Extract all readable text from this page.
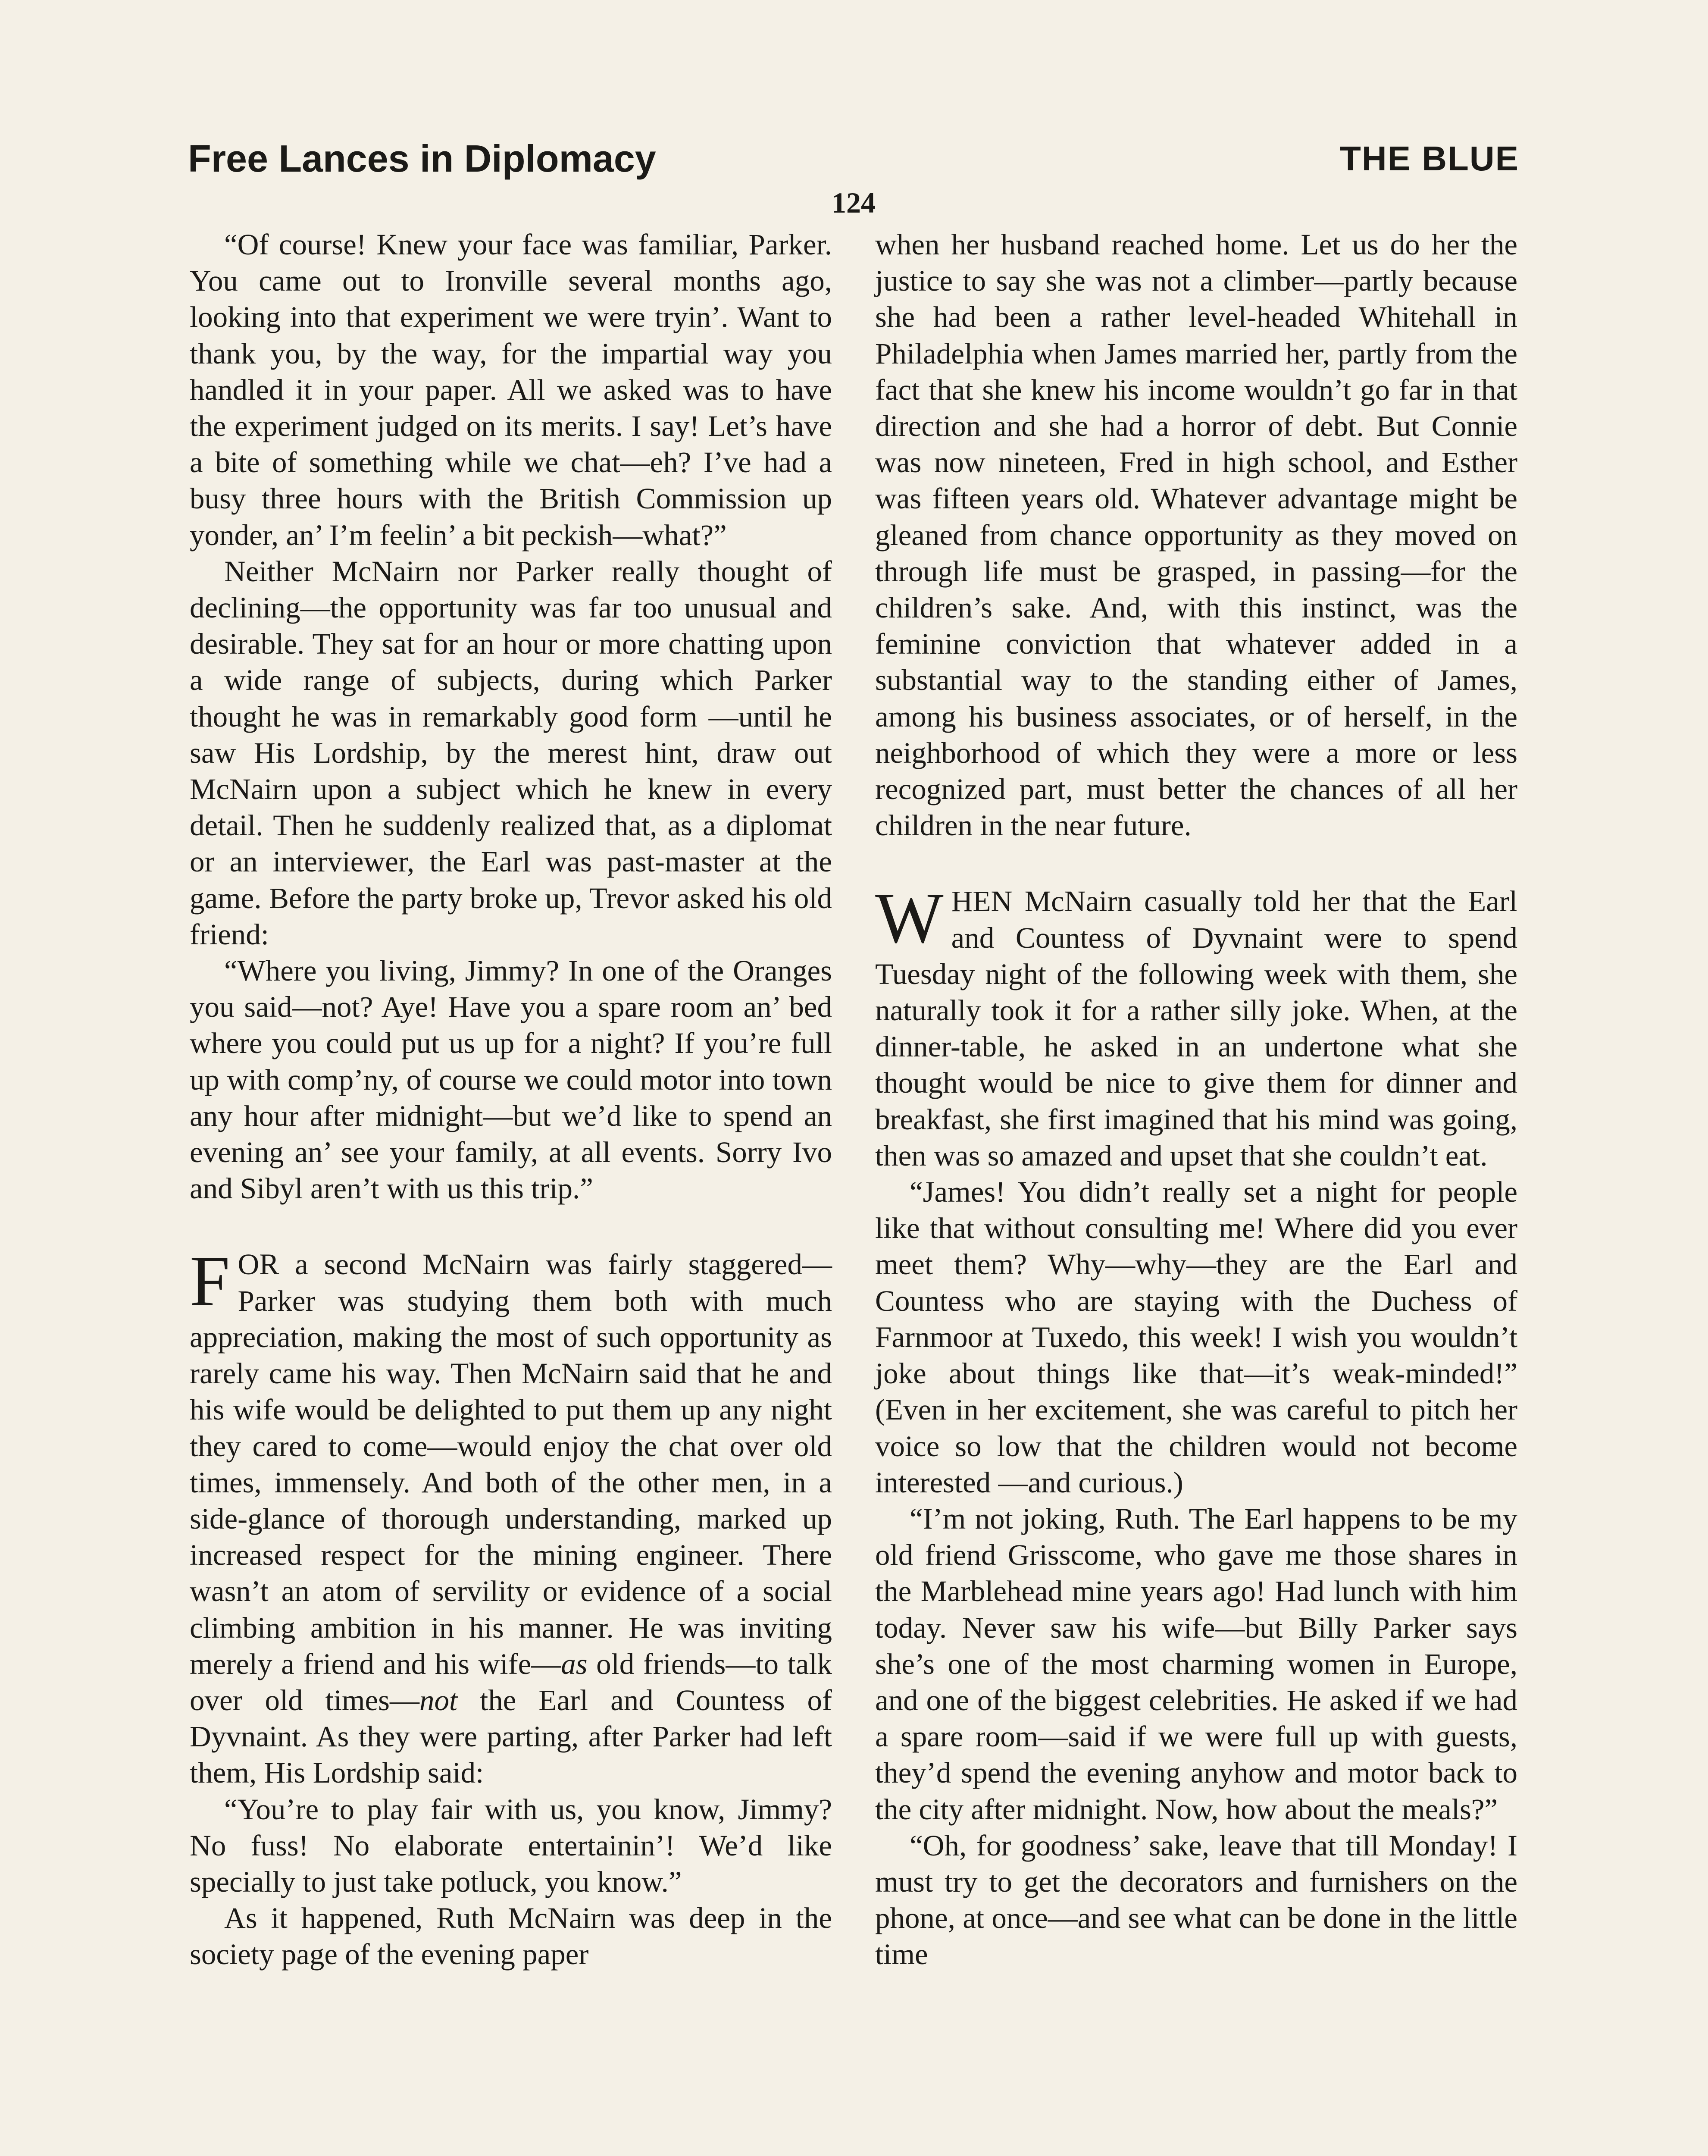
Free Lances in Diplomacy	THE BLUE
124

“Of course! Knew your face was familiar, Parker. You came out to Ironville several months ago, looking into that experiment we were tryin’. Want to thank you, by the way, for the impartial way you handled it in your paper. All we asked was to have the experiment judged on its merits. I say! Let’s have a bite of something while we chat—eh? I’ve had a busy three hours with the British Commission up yonder, an’ I’m feelin’ a bit peckish—what?”

Neither McNairn nor Parker really thought of declining—the opportunity was far too unusual and desirable. They sat for an hour or more chatting upon a wide range of subjects, during which Parker thought he was in remarkably good form —until he saw His Lordship, by the merest hint, draw out McNairn upon a subject which he knew in every detail. Then he suddenly realized that, as a diplomat or an interviewer, the Earl was past-master at the game. Before the party broke up, Trevor asked his old friend:

“Where you living, Jimmy? In one of the Oranges you said—not? Aye! Have you a spare room an’ bed where you could put us up for a night? If you’re full up with comp’ny, of course we could motor into town any hour after midnight—but we’d like to spend an evening an’ see your family, at all events. Sorry Ivo and Sibyl aren’t with us this trip.”

FOR a second McNairn was fairly staggered—Parker was studying them both with much appreciation, making the most of such opportunity as rarely came his way. Then McNairn said that he and his wife would be delighted to put them up any night they cared to come—would enjoy the chat over old times, immensely. And both of the other men, in a side-glance of thorough understanding, marked up increased respect for the mining engineer. There wasn’t an atom of servility or evidence of a social climbing ambition in his manner. He was inviting merely a friend and his wife—as old friends—to talk over old times—not the Earl and Countess of Dyvnaint. As they were parting, after Parker had left them, His Lordship said:

“You’re to play fair with us, you know, Jimmy? No fuss! No elaborate entertainin’! We’d like specially to just take potluck, you know.”

As it happened, Ruth McNairn was deep in the society page of the evening paper

when her husband reached home. Let us do her the justice to say she was not a climber—partly because she had been a rather level-headed Whitehall in Philadelphia when James married her, partly from the fact that she knew his income wouldn’t go far in that direction and she had a horror of debt. But Connie was now nineteen, Fred in high school, and Esther was fifteen years old. Whatever advantage might be gleaned from chance opportunity as they moved on through life must be grasped, in passing—for the children’s sake. And, with this instinct, was the feminine conviction that whatever added in a substantial way to the standing either of James, among his business associates, or of herself, in the neighborhood of which they were a more or less recognized part, must better the chances of all her children in the near future.

WHEN McNairn casually told her that the Earl and Countess of Dyvnaint were to spend Tuesday night of the following week with them, she naturally took it for a rather silly joke. When, at the dinner-table, he asked in an undertone what she thought would be nice to give them for dinner and breakfast, she first imagined that his mind was going, then was so amazed and upset that she couldn’t eat.

“James! You didn’t really set a night for people like that without consulting me! Where did you ever meet them? Why—why—they are the Earl and Countess who are staying with the Duchess of Farnmoor at Tuxedo, this week! I wish you wouldn’t joke about things like that—it’s weak-minded!” (Even in her excitement, she was careful to pitch her voice so low that the children would not become interested —and curious.)

“I’m not joking, Ruth. The Earl happens to be my old friend Grisscome, who gave me those shares in the Marblehead mine years ago! Had lunch with him today. Never saw his wife—but Billy Parker says she’s one of the most charming women in Europe, and one of the biggest celebrities. He asked if we had a spare room—said if we were full up with guests, they’d spend the evening anyhow and motor back to the city after midnight. Now, how about the meals?”

“Oh, for goodness’ sake, leave that till Monday! I must try to get the decorators and furnishers on the phone, at once—and see what can be done in the little time
